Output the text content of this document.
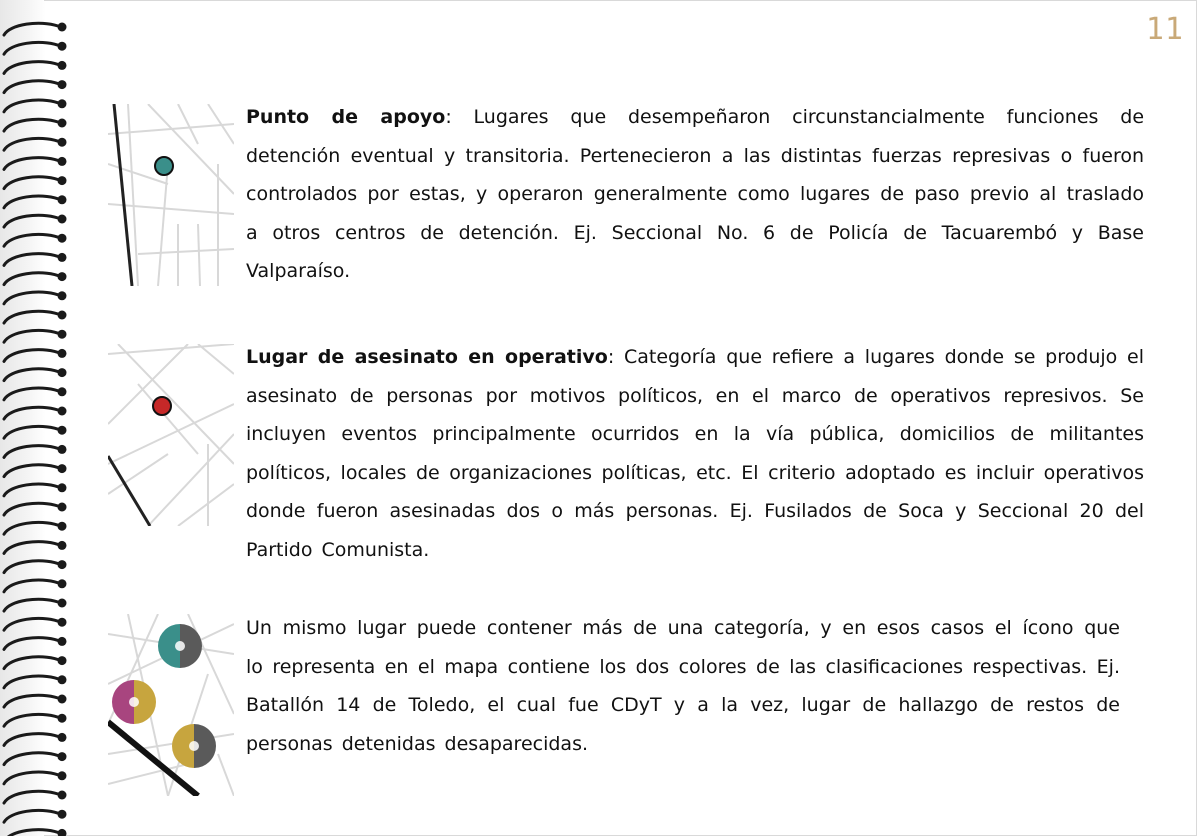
11
Punto de apoyo: Lugares que desempeñaron circunstancialmente funciones de detención eventual y transitoria. Pertenecieron a las distintas fuerzas represivas o fueron controlados por estas, y operaron generalmente como lugares de paso previo al traslado a otros centros de detención. Ej. Seccional No. 6 de Policía de Tacuarembó y Base Valparaíso.
Lugar de asesinato en operativo: Categoría que refiere a lugares donde se produjo el asesinato de personas por motivos políticos, en el marco de operativos represivos. Se incluyen eventos principalmente ocurridos en la vía pública, domicilios de militantes políticos, locales de organizaciones políticas, etc. El criterio adoptado es incluir operativos donde fueron asesinadas dos o más personas. Ej. Fusilados de Soca y Seccional 20 del Partido Comunista.
Un mismo lugar puede contener más de una categoría, y en esos casos el ícono que lo representa en el mapa contiene los dos colores de las clasificaciones respectivas. Ej. Batallón 14 de Toledo, el cual fue CDyT y a la vez, lugar de hallazgo de restos de personas detenidas desaparecidas.
